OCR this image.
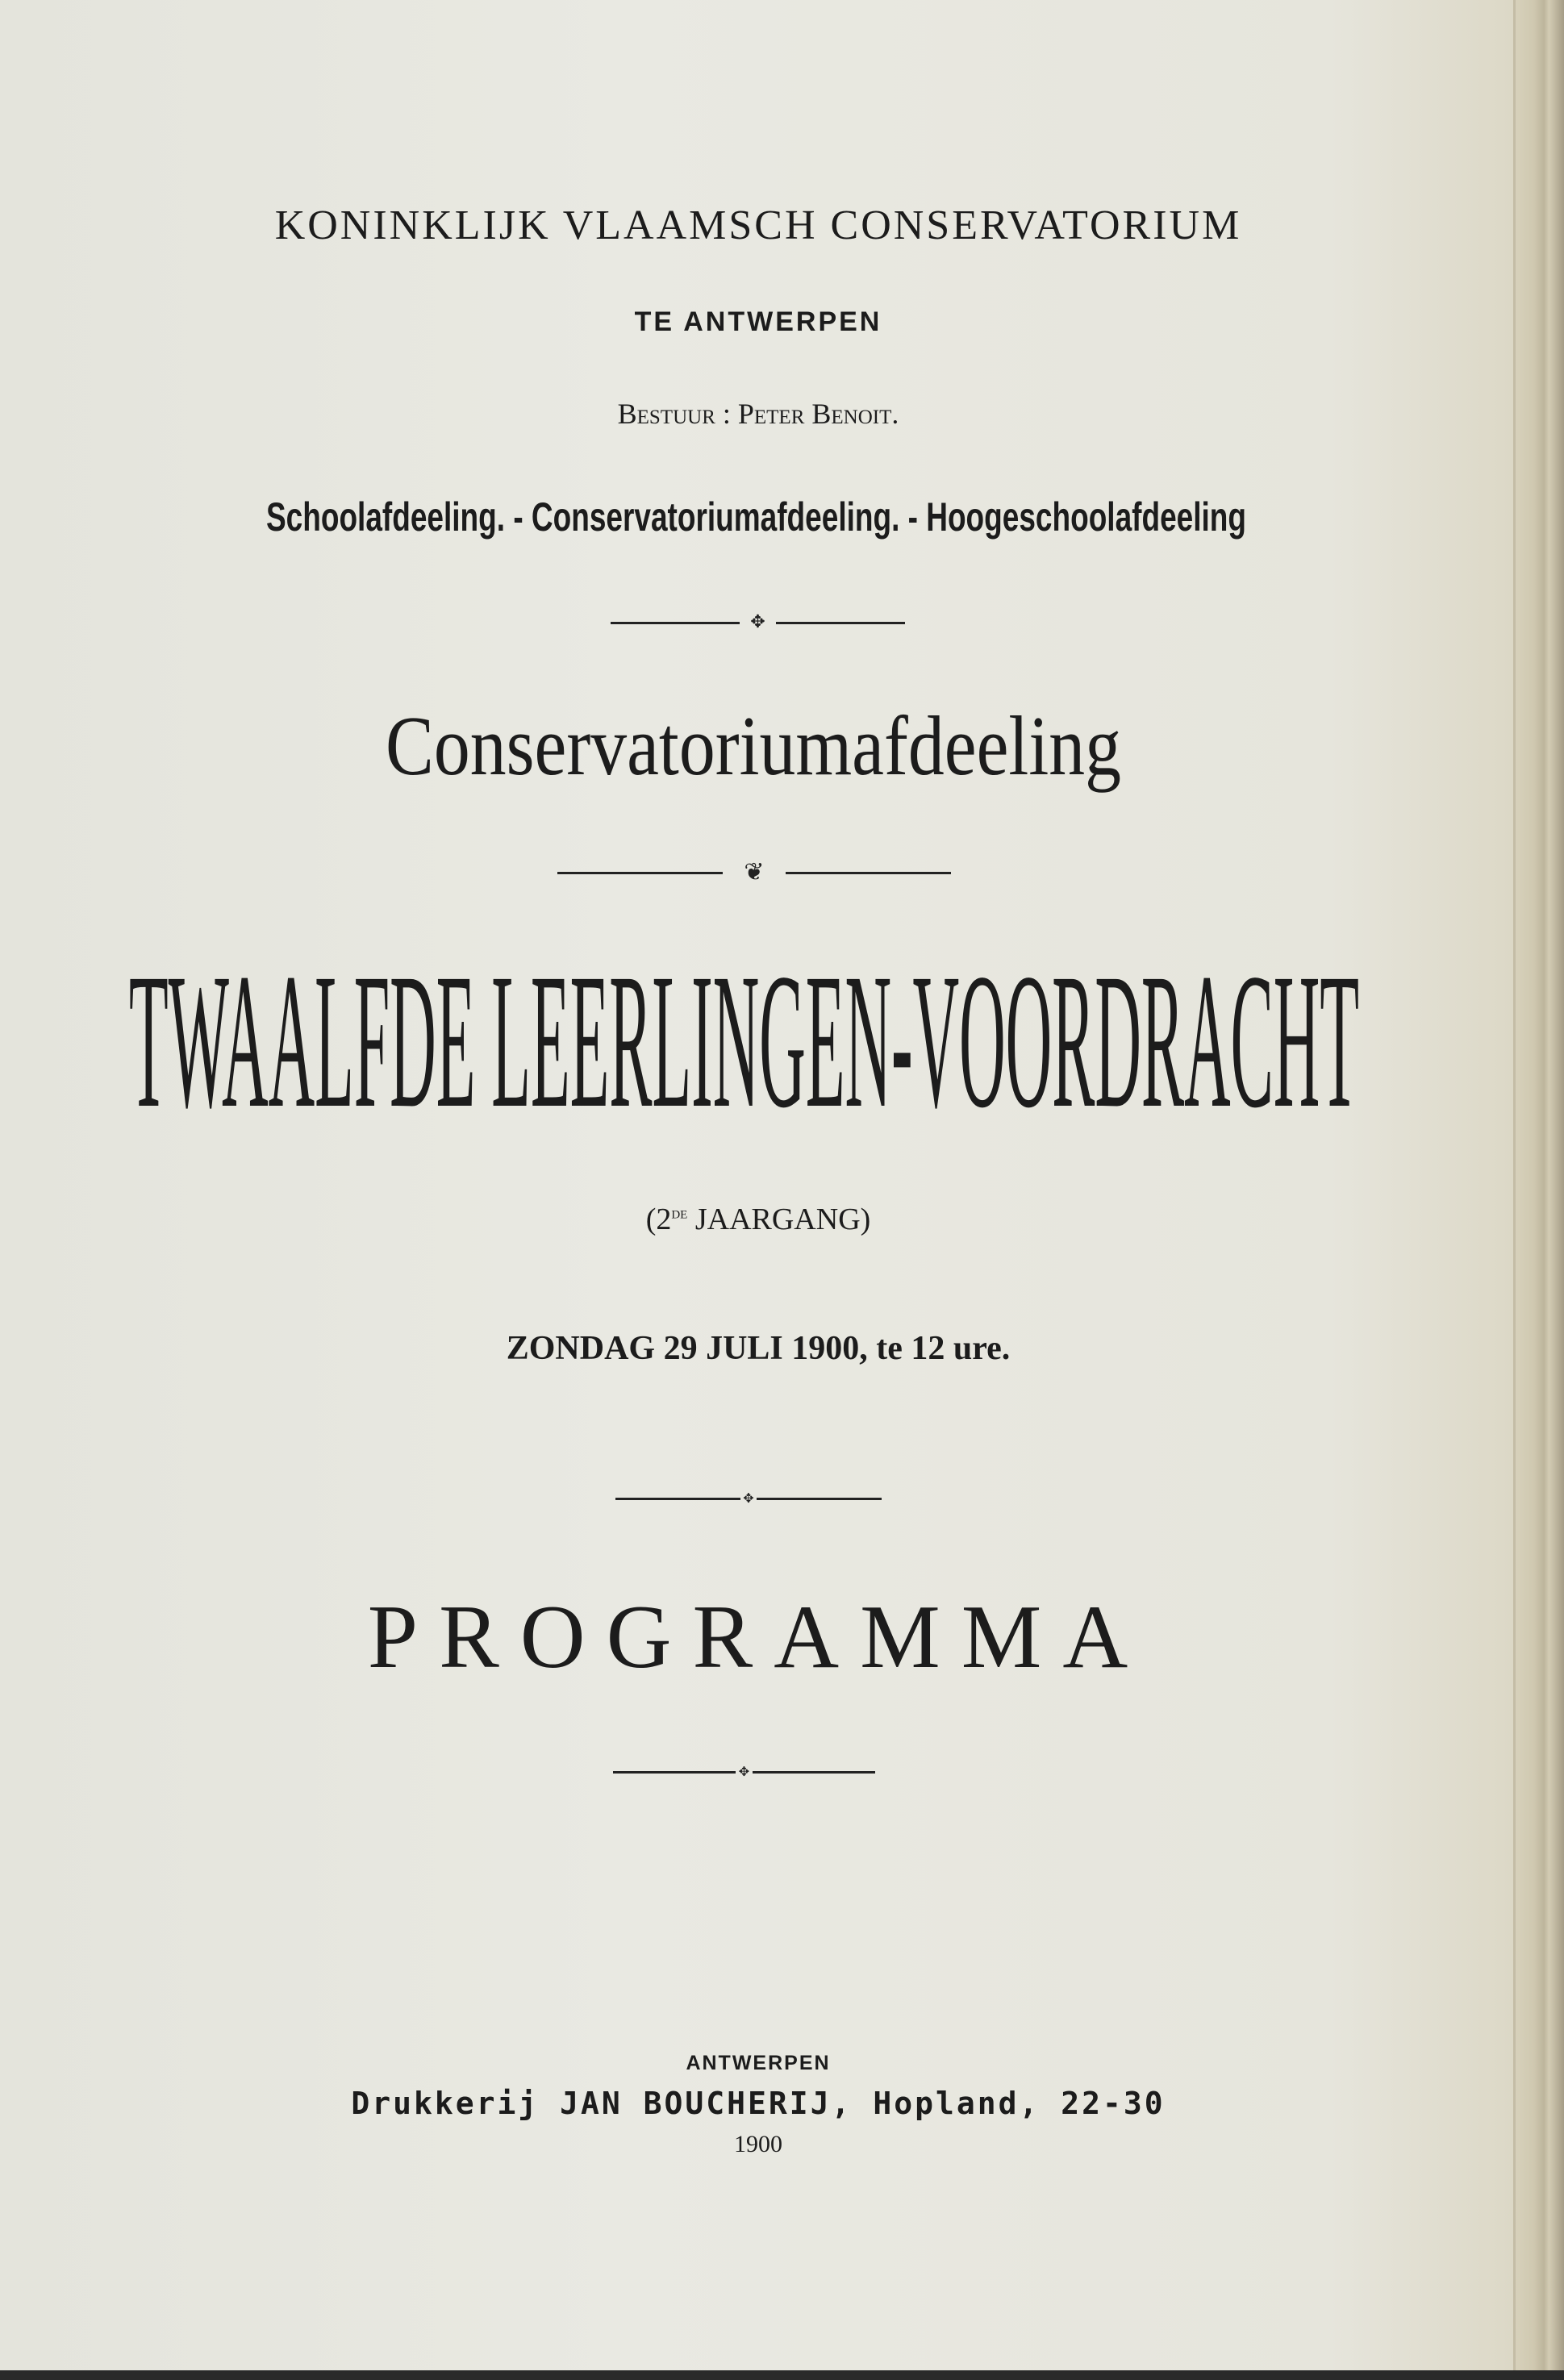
KONINKLIJK VLAAMSCH CONSERVATORIUM
TE ANTWERPEN
Bestuur : Peter Benoit.
Schoolafdeeling. - Conservatoriumafdeeling. - Hoogeschoolafdeeling
✥
Conservatoriumafdeeling
❦
TWAALFDE LEERLINGEN-VOORDRACHT
(2de JAARGANG)
ZONDAG 29 JULI 1900, te 12 ure.
✥
PROGRAMMA
✥
ANTWERPEN
Drukkerij JAN BOUCHERIJ, Hopland, 22-30
1900
